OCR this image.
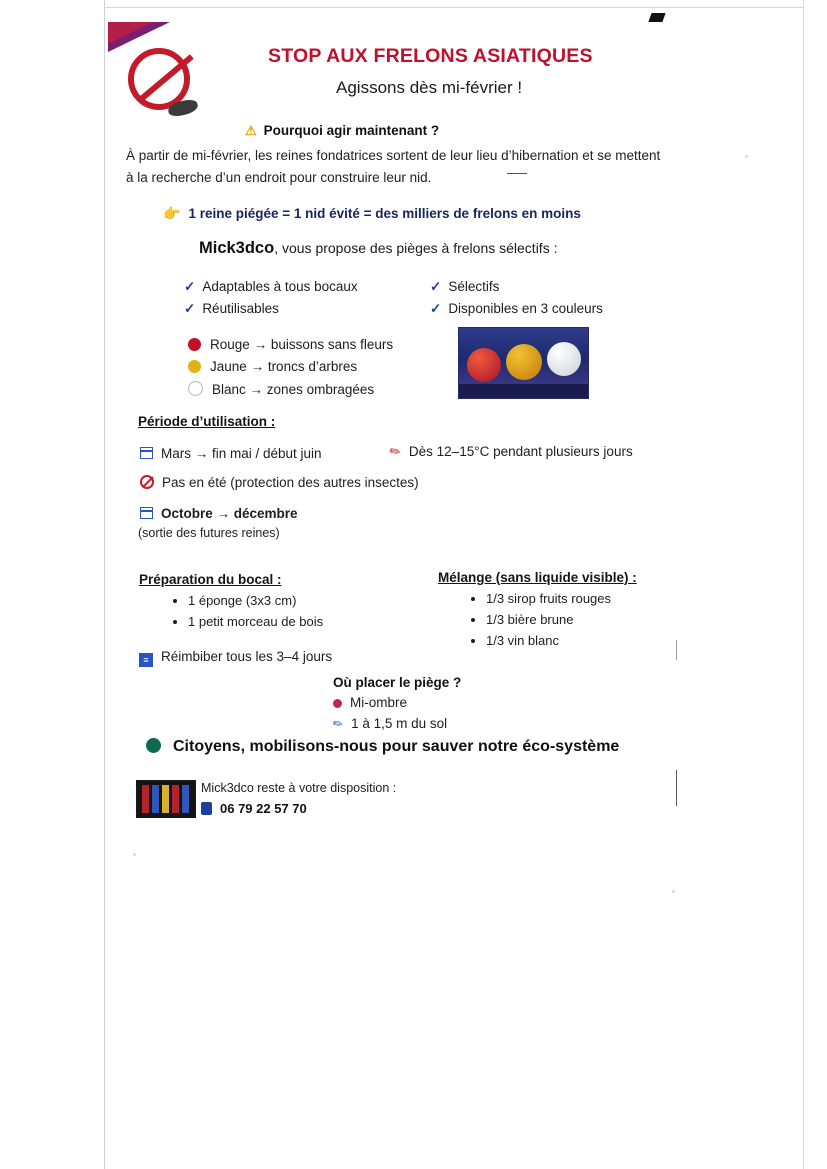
STOP AUX FRELONS ASIATIQUES
Agissons dès mi-février !
⚠ Pourquoi agir maintenant ?
À partir de mi-février, les reines fondatrices sortent de leur lieu d’hibernation et se mettent à la recherche d’un endroit pour construire leur nid.
👉 1 reine piégée = 1 nid évité = des milliers de frelons en moins
Mick3dco, vous propose des pièges à frelons sélectifs :
✓ Adaptables à tous bocaux
✓ Réutilisables
✓ Sélectifs
✓ Disponibles en 3 couleurs
Rouge → buissons sans fleurs
Jaune → troncs d’arbres
Blanc → zones ombragées
Période d’utilisation :
Mars → fin mai / début juin	✎ Dès 12–15°C pendant plusieurs jours
Pas en été (protection des autres insectes)
Octobre → décembre
(sortie des futures reines)
Préparation du bocal :
• 1 éponge (3x3 cm)
• 1 petit morceau de bois
≡ Réimbiber tous les 3–4 jours
Mélange (sans liquide visible) :
• 1/3 sirop fruits rouges
• 1/3 bière brune
• 1/3 vin blanc
Où placer le piège ?
Mi-ombre
✎ 1 à 1,5 m du sol
Citoyens, mobilisons-nous pour sauver notre éco-système
Mick3dco reste à votre disposition :
06 79 22 57 70
